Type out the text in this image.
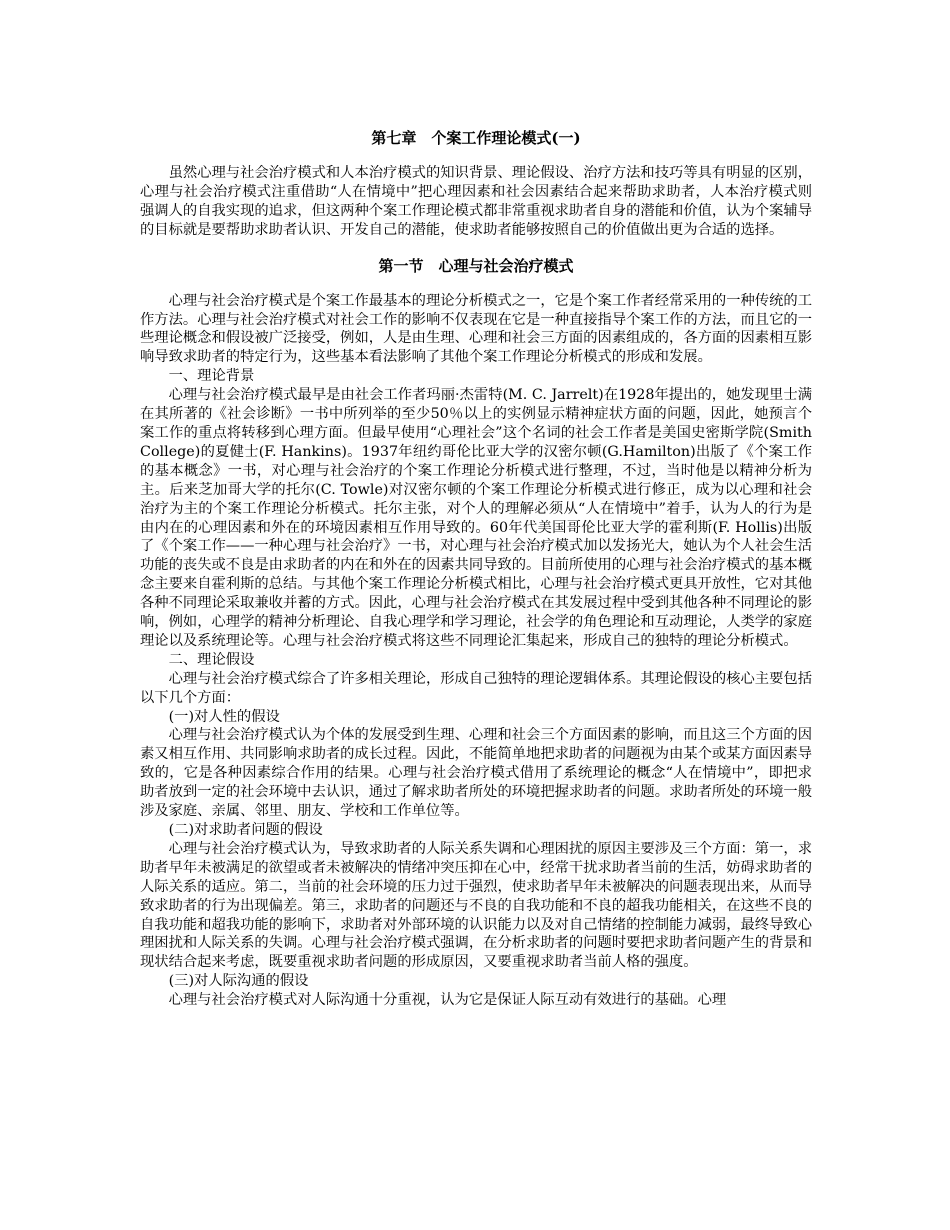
第七章　个案工作理论模式(一)

虽然心理与社会治疗模式和人本治疗模式的知识背景、理论假设、治疗方法和技巧等具有明显的区别，心理与社会治疗模式注重借助“人在情境中”把心理因素和社会因素结合起来帮助求助者，人本治疗模式则强调人的自我实现的追求，但这两种个案工作理论模式都非常重视求助者自身的潜能和价值，认为个案辅导的目标就是要帮助求助者认识、开发自己的潜能，使求助者能够按照自己的价值做出更为合适的选择。

第一节　心理与社会治疗模式

心理与社会治疗模式是个案工作最基本的理论分析模式之一，它是个案工作者经常采用的一种传统的工作方法。心理与社会治疗模式对社会工作的影响不仅表现在它是一种直接指导个案工作的方法，而且它的一些理论概念和假设被广泛接受，例如，人是由生理、心理和社会三方面的因素组成的，各方面的因素相互影响导致求助者的特定行为，这些基本看法影响了其他个案工作理论分析模式的形成和发展。

一、理论背景

心理与社会治疗模式最早是由社会工作者玛丽·杰雷特(M. C. Jarrelt)在1928年提出的，她发现里士满在其所著的《社会诊断》一书中所列举的至少50％以上的实例显示精神症状方面的问题，因此，她预言个案工作的重点将转移到心理方面。但最早使用“心理社会”这个名词的社会工作者是美国史密斯学院(Smith College)的夏健士(F. Hankins)。1937年纽约哥伦比亚大学的汉密尔顿(G.Hamilton)出版了《个案工作的基本概念》一书，对心理与社会治疗的个案工作理论分析模式进行整理，不过，当时他是以精神分析为主。后来芝加哥大学的托尔(C. Towle)对汉密尔顿的个案工作理论分析模式进行修正，成为以心理和社会治疗为主的个案工作理论分析模式。托尔主张，对个人的理解必须从“人在情境中”着手，认为人的行为是由内在的心理因素和外在的环境因素相互作用导致的。60年代美国哥伦比亚大学的霍利斯(F. Hollis)出版了《个案工作——一种心理与社会治疗》一书，对心理与社会治疗模式加以发扬光大，她认为个人社会生活功能的丧失或不良是由求助者的内在和外在的因素共同导致的。目前所使用的心理与社会治疗模式的基本概念主要来自霍利斯的总结。与其他个案工作理论分析模式相比，心理与社会治疗模式更具开放性，它对其他各种不同理论采取兼收并蓄的方式。因此，心理与社会治疗模式在其发展过程中受到其他各种不同理论的影响，例如，心理学的精神分析理论、自我心理学和学习理论，社会学的角色理论和互动理论，人类学的家庭理论以及系统理论等。心理与社会治疗模式将这些不同理论汇集起来，形成自己的独特的理论分析模式。

二、理论假设

心理与社会治疗模式综合了许多相关理论，形成自己独特的理论逻辑体系。其理论假设的核心主要包括以下几个方面：

(一)对人性的假设

心理与社会治疗模式认为个体的发展受到生理、心理和社会三个方面因素的影响，而且这三个方面的因素又相互作用、共同影响求助者的成长过程。因此，不能简单地把求助者的问题视为由某个或某方面因素导致的，它是各种因素综合作用的结果。心理与社会治疗模式借用了系统理论的概念“人在情境中”，即把求助者放到一定的社会环境中去认识，通过了解求助者所处的环境把握求助者的问题。求助者所处的环境一般涉及家庭、亲属、邻里、朋友、学校和工作单位等。

(二)对求助者问题的假设

心理与社会治疗模式认为，导致求助者的人际关系失调和心理困扰的原因主要涉及三个方面：第一，求助者早年未被满足的欲望或者未被解决的情绪冲突压抑在心中，经常干扰求助者当前的生活，妨碍求助者的人际关系的适应。第二，当前的社会环境的压力过于强烈，使求助者早年未被解决的问题表现出来，从而导致求助者的行为出现偏差。第三，求助者的问题还与不良的自我功能和不良的超我功能相关，在这些不良的自我功能和超我功能的影响下，求助者对外部环境的认识能力以及对自己情绪的控制能力减弱，最终导致心理困扰和人际关系的失调。心理与社会治疗模式强调，在分析求助者的问题时要把求助者问题产生的背景和现状结合起来考虑，既要重视求助者问题的形成原因，又要重视求助者当前人格的强度。

(三)对人际沟通的假设

心理与社会治疗模式对人际沟通十分重视，认为它是保证人际互动有效进行的基础。心理
